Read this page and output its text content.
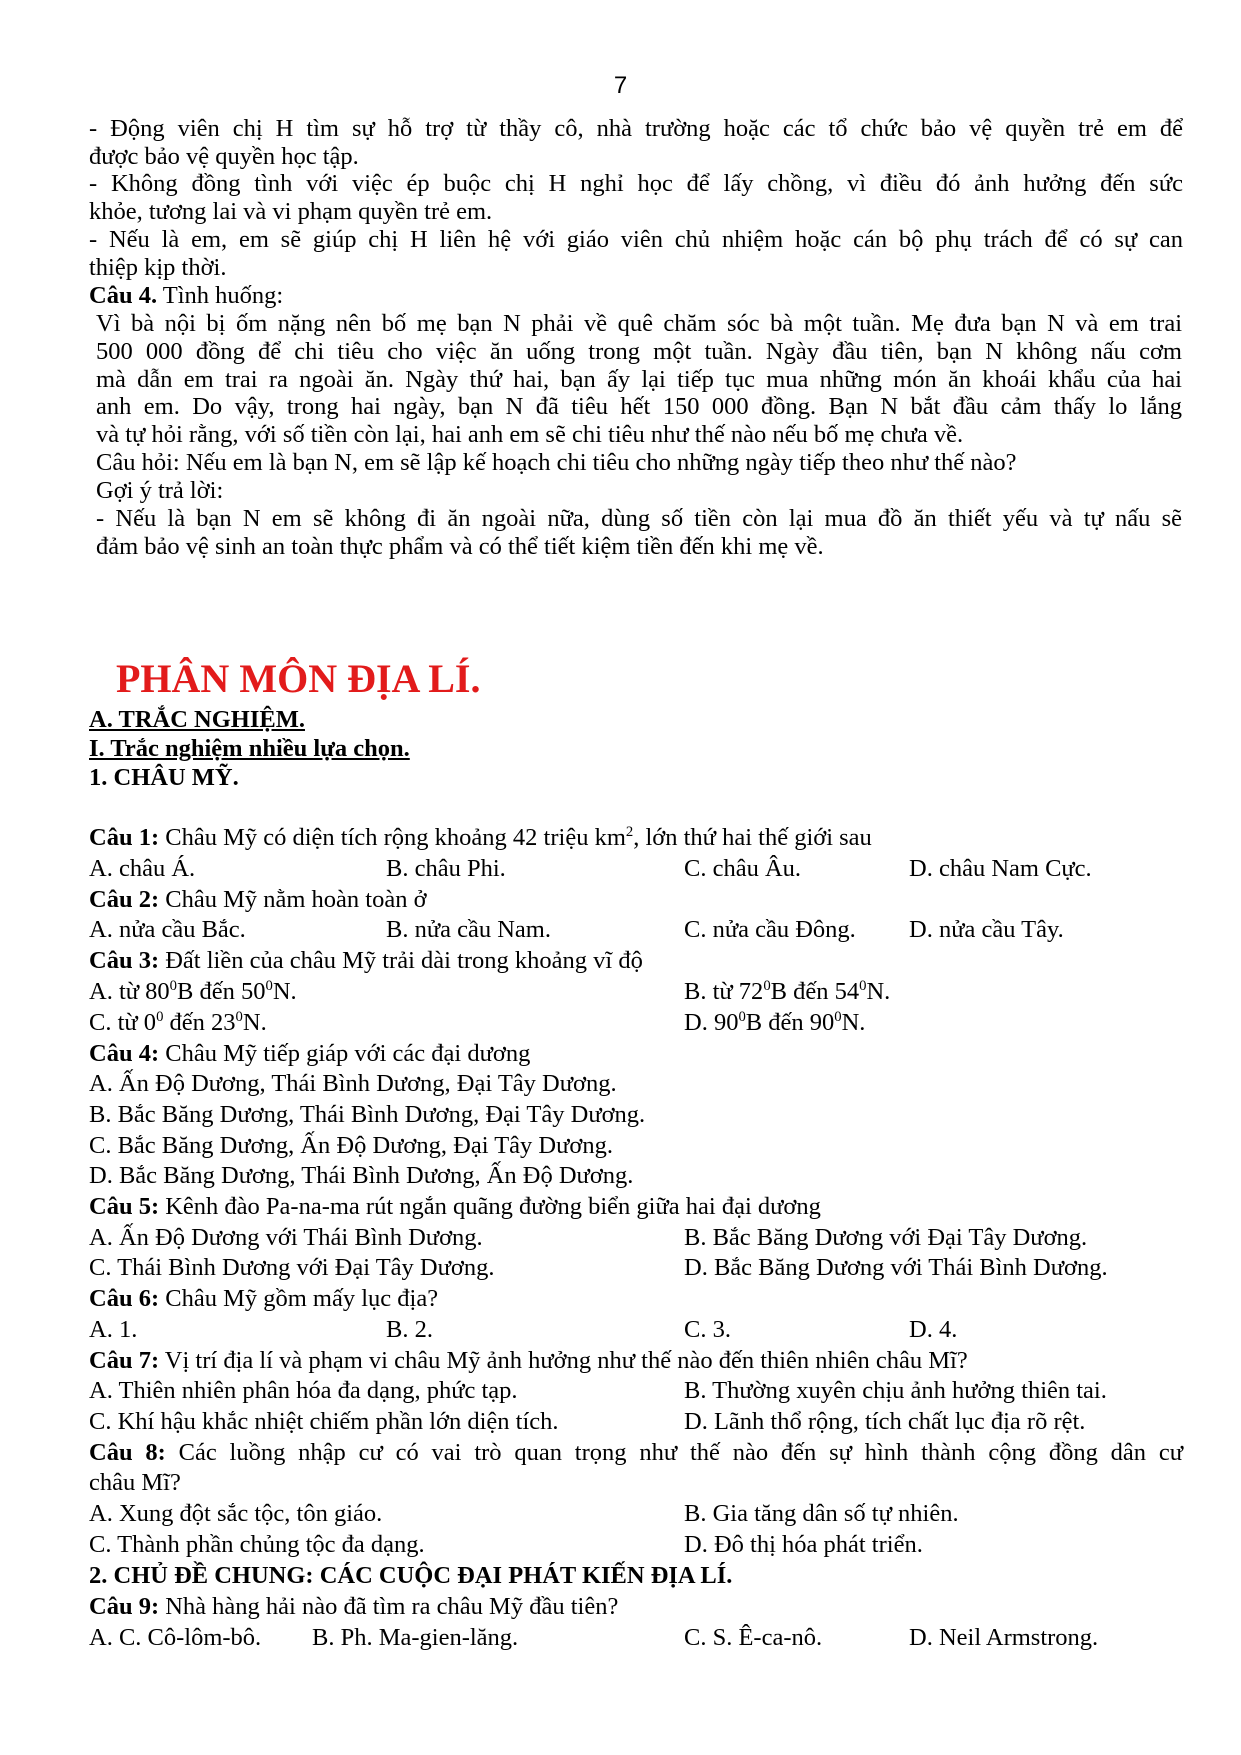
7
- Động viên chị H tìm sự hỗ trợ từ thầy cô, nhà trường hoặc các tổ chức bảo vệ quyền trẻ em để
được bảo vệ quyền học tập.
- Không đồng tình với việc ép buộc chị H nghỉ học để lấy chồng, vì điều đó ảnh hưởng đến sức
khỏe, tương lai và vi phạm quyền trẻ em.
- Nếu là em, em sẽ giúp chị H liên hệ với giáo viên chủ nhiệm hoặc cán bộ phụ trách để có sự can
thiệp kịp thời.
Câu 4. Tình huống:
Vì bà nội bị ốm nặng nên bố mẹ bạn N phải về quê chăm sóc bà một tuần. Mẹ đưa bạn N và em trai
500 000 đồng để chi tiêu cho việc ăn uống trong một tuần. Ngày đầu tiên, bạn N không nấu cơm
mà dẫn em trai ra ngoài ăn. Ngày thứ hai, bạn ấy lại tiếp tục mua những món ăn khoái khẩu của hai
anh em. Do vậy, trong hai ngày, bạn N đã tiêu hết 150 000 đồng. Bạn N bắt đầu cảm thấy lo lắng
và tự hỏi rằng, với số tiền còn lại, hai anh em sẽ chi tiêu như thế nào nếu bố mẹ chưa về.
Câu hỏi: Nếu em là bạn N, em sẽ lập kế hoạch chi tiêu cho những ngày tiếp theo như thế nào?
Gợi ý trả lời:
- Nếu là bạn N em sẽ không đi ăn ngoài nữa, dùng số tiền còn lại mua đồ ăn thiết yếu và tự nấu sẽ
đảm bảo vệ sinh an toàn thực phẩm và có thể tiết kiệm tiền đến khi mẹ về.
PHÂN MÔN ĐỊA LÍ.
A. TRẮC NGHIỆM.
I. Trắc nghiệm nhiều lựa chọn.
1. CHÂU MỸ.
Câu 1: Châu Mỹ có diện tích rộng khoảng 42 triệu $km^2$, lớn thứ hai thế giới sau
A. châu Á.	B. châu Phi.	C. châu Âu.	D. châu Nam Cực.
Câu 2: Châu Mỹ nằm hoàn toàn ở
A. nửa cầu Bắc.	B. nửa cầu Nam.	C. nửa cầu Đông. D. nửa cầu Tây.
Câu 3: Đất liền của châu Mỹ trải dài trong khoảng vĩ độ
A. từ $80^0B$ đến $50^0N$.	B. từ $72^0B$ đến $54^0N$.
C. từ $0^0$ đến $23^0N$.	D. $90^0B$ đến $90^0N$.
Câu 4: Châu Mỹ tiếp giáp với các đại dương
A. Ấn Độ Dương, Thái Bình Dương, Đại Tây Dương.
B. Bắc Băng Dương, Thái Bình Dương, Đại Tây Dương.
C. Bắc Băng Dương, Ấn Độ Dương, Đại Tây Dương.
D. Bắc Băng Dương, Thái Bình Dương, Ấn Độ Dương.
Câu 5: Kênh đào Pa-na-ma rút ngắn quãng đường biển giữa hai đại dương
A. Ấn Độ Dương với Thái Bình Dương.	B. Bắc Băng Dương với Đại Tây Dương.
C. Thái Bình Dương với Đại Tây Dương.	D. Bắc Băng Dương với Thái Bình Dương.
Câu 6: Châu Mỹ gồm mấy lục địa?
A. 1.	B. 2.	C. 3.	D. 4.
Câu 7: Vị trí địa lí và phạm vi châu Mỹ ảnh hưởng như thế nào đến thiên nhiên châu Mĩ?
A. Thiên nhiên phân hóa đa dạng, phức tạp.	B. Thường xuyên chịu ảnh hưởng thiên tai.
C. Khí hậu khắc nhiệt chiếm phần lớn diện tích.	D. Lãnh thổ rộng, tích chất lục địa rõ rệt.
Câu 8: Các luồng nhập cư có vai trò quan trọng như thế nào đến sự hình thành cộng đồng dân cư
châu Mĩ?
A. Xung đột sắc tộc, tôn giáo.	B. Gia tăng dân số tự nhiên.
C. Thành phần chủng tộc đa dạng.	D. Đô thị hóa phát triển.
2. CHỦ ĐỀ CHUNG: CÁC CUỘC ĐẠI PHÁT KIẾN ĐỊA LÍ.
Câu 9: Nhà hàng hải nào đã tìm ra châu Mỹ đầu tiên?
A. C. Cô-lôm-bô. B. Ph. Ma-gien-lăng.	C. S. Ê-ca-nô.	D. Neil Armstrong.
